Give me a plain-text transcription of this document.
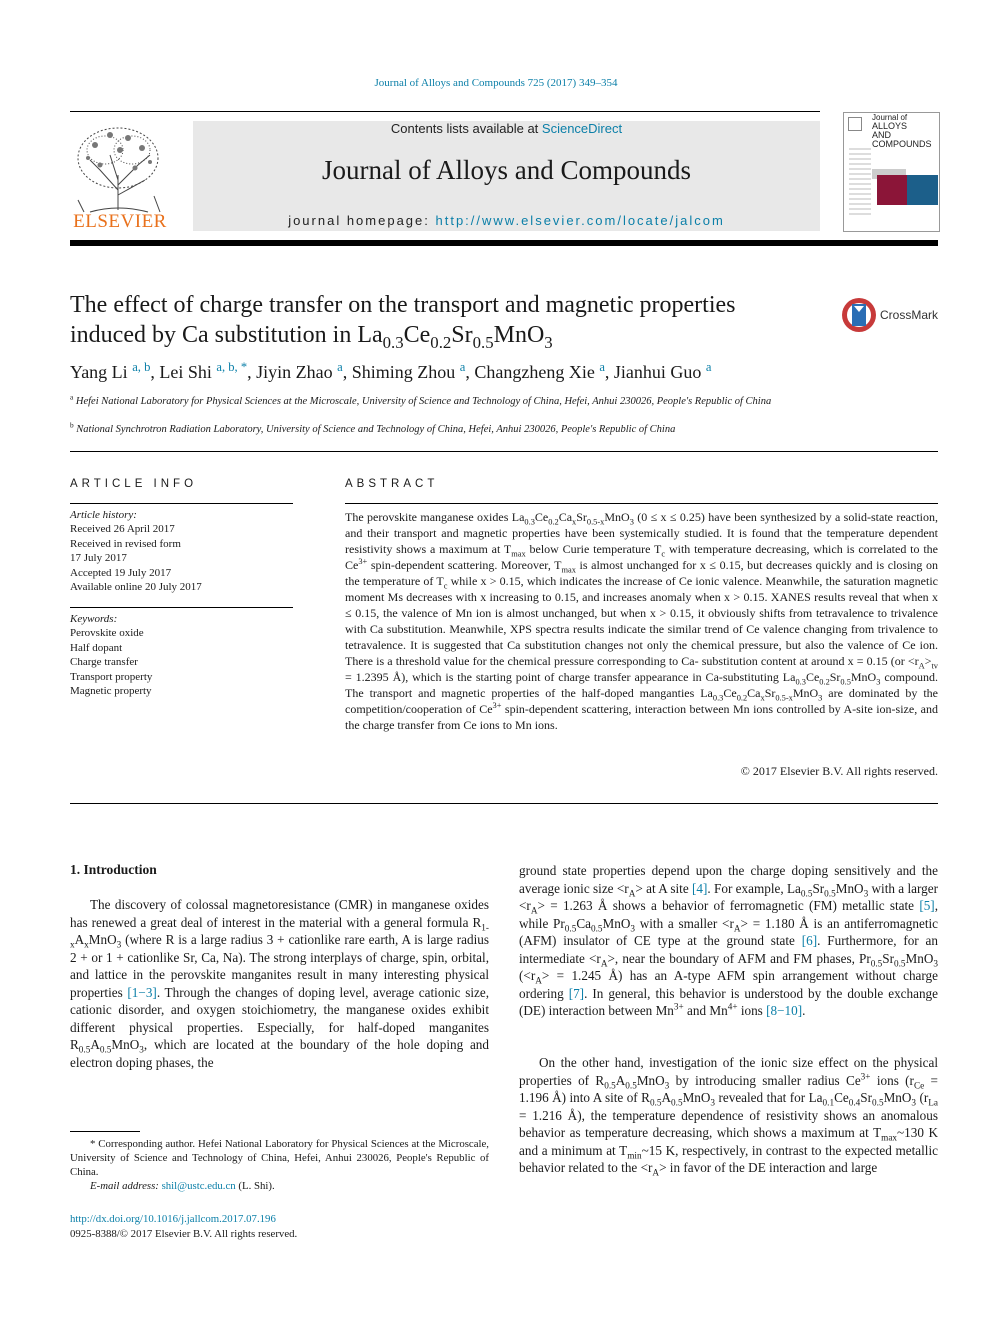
Journal of Alloys and Compounds 725 (2017) 349–354
ELSEVIER
Contents lists available at ScienceDirect
Journal of Alloys and Compounds
journal homepage: http://www.elsevier.com/locate/jalcom
Journal of
ALLOYS
AND COMPOUNDS
The effect of charge transfer on the transport and magnetic properties
induced by Ca substitution in $La_{0.3}Ce_{0.2}Sr_{0.5}MnO_3$
CrossMark
Yang Li $^{a, b}$, Lei Shi $^{a, b, *}$, Jiyin Zhao $^a$, Shiming Zhou $^a$, Changzheng Xie $^a$, Jianhui Guo $^a$
$^a$ Hefei National Laboratory for Physical Sciences at the Microscale, University of Science and Technology of China, Hefei, Anhui 230026, People's Republic of China
$^b$ National Synchrotron Radiation Laboratory, University of Science and Technology of China, Hefei, Anhui 230026, People's Republic of China
ARTICLE INFO
Article history:
Received 26 April 2017
Received in revised form
17 July 2017
Accepted 19 July 2017
Available online 20 July 2017
Keywords:
Perovskite oxide
Half dopant
Charge transfer
Transport property
Magnetic property
ABSTRACT
The perovskite manganese oxides $La_{0.3}Ce_{0.2}Ca_xSr_{0.5-x}MnO_3$ (0 ≤ x ≤ 0.25) have been synthesized by a solid-state reaction, and their transport and magnetic properties have been systemically studied. It is found that the temperature dependent resistivity shows a maximum at $T_{max}$ below Curie temperature $T_c$ with temperature decreasing, which is correlated to the $Ce^{3+}$ spin-dependent scattering. Moreover, $T_{max}$ is almost unchanged for x ≤ 0.15, but decreases quickly and is closing on the temperature of $T_c$ while x > 0.15, which indicates the increase of Ce ionic valence. Meanwhile, the saturation magnetic moment Ms decreases with x increasing to 0.15, and increases anomaly when x > 0.15. XANES results reveal that when x ≤ 0.15, the valence of Mn ion is almost unchanged, but when x > 0.15, it obviously shifts from tetravalence to trivalence with Ca substitution. Meanwhile, XPS spectra results indicate the similar trend of Ce valence changing from trivalence to tetravalence. It is suggested that Ca substitution changes not only the chemical pressure, but also the valence of Ce ion. There is a threshold value for the chemical pressure corresponding to Ca- substitution content at around x = 0.15 ($or <r_A>_{tv} = 1.2395$ Å), which is the starting point of charge transfer appearance in Ca-substituting $La_{0.3}Ce_{0.2}Sr_{0.5}MnO_3$ compound. The transport and magnetic properties of the half-doped manganties $La_{0.3}Ce_{0.2}Ca_xSr_{0.5-x}MnO_3$ are dominated by the competition/cooperation of $Ce^{3+}$ spin-dependent scattering, interaction between Mn ions controlled by A-site ion-size, and the charge transfer from Ce ions to Mn ions.
© 2017 Elsevier B.V. All rights reserved.
1. Introduction
The discovery of colossal magnetoresistance (CMR) in manganese oxides has renewed a great deal of interest in the material with a general formula $R_{1-x}A_xMnO_3$ (where R is a large radius 3 + cationlike rare earth, A is large radius 2 + or 1 + cationlike Sr, Ca, Na). The strong interplays of charge, spin, orbital, and lattice in the perovskite manganites result in many interesting physical properties [1−3]. Through the changes of doping level, average cationic size, cationic disorder, and oxygen stoichiometry, the manganese oxides exhibit different physical properties. Especially, for half-doped manganites $R_{0.5}A_{0.5}MnO_3$, which are located at the boundary of the hole doping and electron doping phases, the
ground state properties depend upon the charge doping sensitively and the average ionic size $<r_A>$ at A site [4]. For example, $La_{0.5}Sr_{0.5}MnO_3$ with a larger $<r_A> = 1.263$ Å shows a behavior of ferromagnetic (FM) metallic state [5], while $Pr_{0.5}Ca_{0.5}MnO_3$ with a smaller $<r_A> = 1.180$ Å is an antiferromagnetic (AFM) insulator of CE type at the ground state [6]. Furthermore, for an intermediate $<r_A>$, near the boundary of AFM and FM phases, $Pr_{0.5}Sr_{0.5}MnO_3$ ($<r_A> = 1.245$ Å) has an A-type AFM spin arrangement without charge ordering [7]. In general, this behavior is understood by the double exchange (DE) interaction between $Mn^{3+}$ and $Mn^{4+}$ ions [8−10].
On the other hand, investigation of the ionic size effect on the physical properties of $R_{0.5}A_{0.5}MnO_3$ by introducing smaller radius $Ce^{3+}$ ions ($r_{Ce} = 1.196$ Å) into A site of $R_{0.5}A_{0.5}MnO_3$ revealed that for $La_{0.1}Ce_{0.4}Sr_{0.5}MnO_3$ ($r_{La} = 1.216$ Å), the temperature dependence of resistivity shows an anomalous behavior as temperature decreasing, which shows a maximum at $T_{max}\sim 130$ K and a minimum at $T_{min}\sim 15$ K, respectively, in contrast to the expected metallic behavior related to the $<r_A>$ in favor of the DE interaction and large
* Corresponding author. Hefei National Laboratory for Physical Sciences at the Microscale, University of Science and Technology of China, Hefei, Anhui 230026, People's Republic of China.
E-mail address: shil@ustc.edu.cn (L. Shi).
http://dx.doi.org/10.1016/j.jallcom.2017.07.196
0925-8388/© 2017 Elsevier B.V. All rights reserved.
